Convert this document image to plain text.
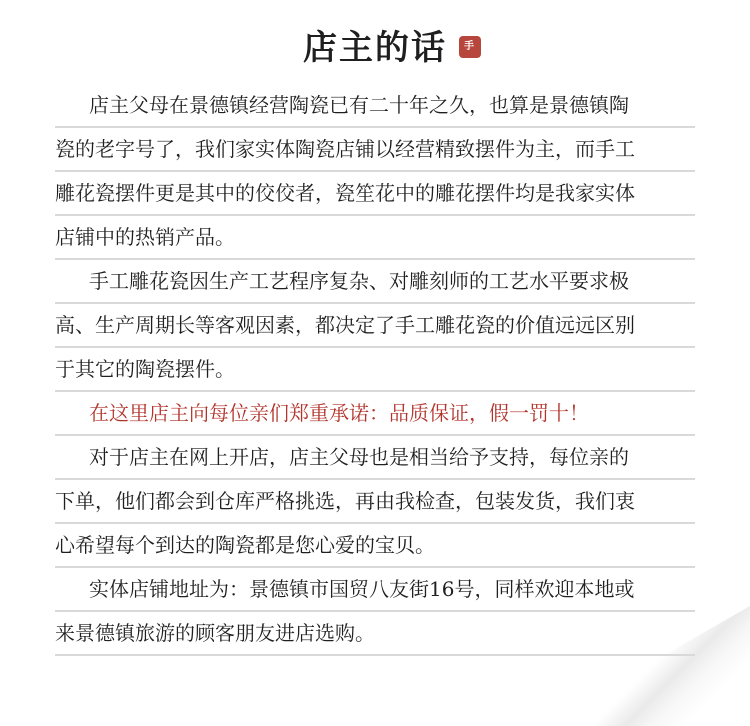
店主的话	手工
店主父母在景德镇经营陶瓷已有二十年之久，也算是景德镇陶
瓷的老字号了，我们家实体陶瓷店铺以经营精致摆件为主，而手工
雕花瓷摆件更是其中的佼佼者，瓷笙花中的雕花摆件均是我家实体
店铺中的热销产品。
手工雕花瓷因生产工艺程序复杂、对雕刻师的工艺水平要求极
高、生产周期长等客观因素，都决定了手工雕花瓷的价值远远区别
于其它的陶瓷摆件。
在这里店主向每位亲们郑重承诺：品质保证，假一罚十！
对于店主在网上开店，店主父母也是相当给予支持，每位亲的
下单，他们都会到仓库严格挑选，再由我检查，包装发货，我们衷
心希望每个到达的陶瓷都是您心爱的宝贝。
实体店铺地址为：景德镇市国贸八友街16号，同样欢迎本地或
来景德镇旅游的顾客朋友进店选购。
